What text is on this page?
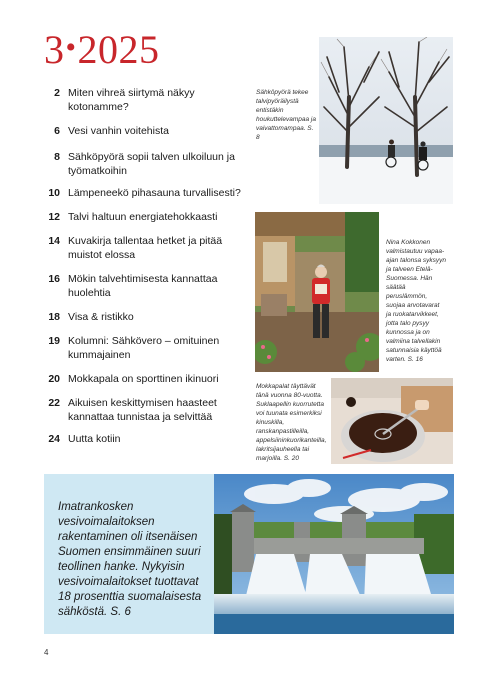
3•2025
2 Miten vihreä siirtymä näkyy kotonamme?
6 Vesi vanhin voitehista
8 Sähköpyörä sopii talven ulkoiluun ja työmatkoihin
10 Lämpeneekö pihasauna turvallisesti?
12 Talvi haltuun energiatehokkaasti
14 Kuvakirja tallentaa hetket ja pitää muistot elossa
16 Mökin talvehtimisesta kannattaa huolehtia
18 Visa & ristikko
19 Kolumni: Sähkövero – omituinen kummajainen
20 Mokkapala on sporttinen ikinuori
22 Aikuisen keskittymisen haasteet kannattaa tunnistaa ja selvittää
24 Uutta kotiin
Sähköpyörä tekee talvipyöräilystä entistäkin houkuttelevampaa ja vaivattomampaa. S. 8
Nina Kokkonen valmistautuu vapaa-ajan talonsa syksyyn ja talveen Etelä-Suomessa. Hän säätää peruslämmön, suojaa arvotavarat ja ruokatarvikkeet, jotta talo pysyy kunnossa ja on valmiina talvellakin satunnaisia käyttöä varten. S. 16
Mokkapalat täyttävät tänä vuonna 80-vuotta. Suklaapellin kuorrutetta voi tuunata esimerkiksi kinuskilla, ranskanpastilleilla, appelsiininkuorikanteilla, lakritsijauheella tai marjoilla. S. 20
Imatrankosken vesivoimalaitoksen rakentaminen oli itsenäisen Suomen ensimmäinen suuri teollinen hanke. Nykyisin vesivoimalaitokset tuottavat 18 prosenttia suomalaisesta sähköstä. S. 6
4
